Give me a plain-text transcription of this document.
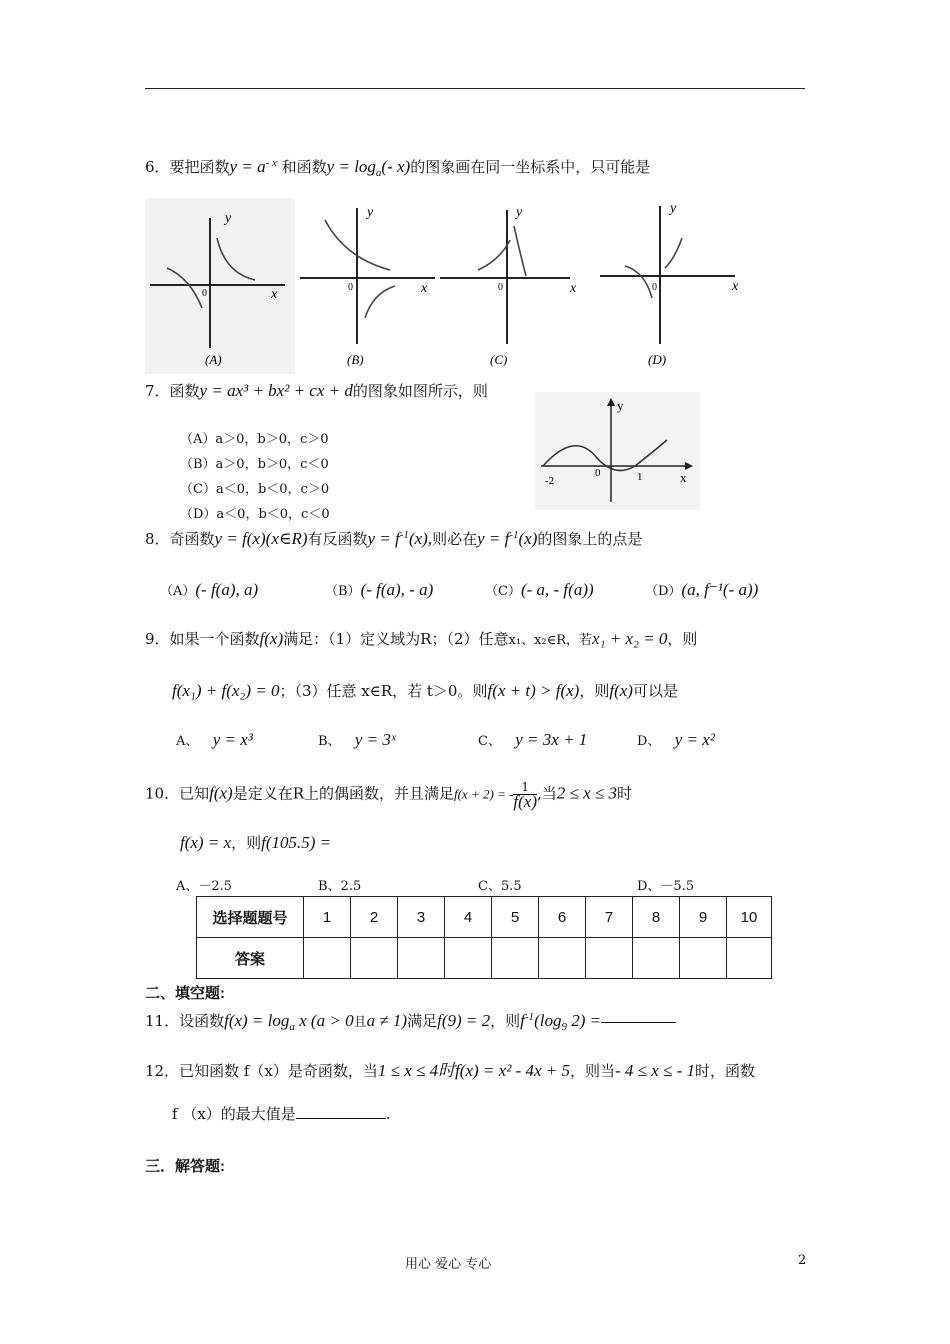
6．要把函数$y = a^{- x}$ 和函数$y = \log_a(-$ x)的图象画在同一坐标系中，只可能是
y
x
0
(A)
y
x
0
(B)
y
x
0
(C)
y
x
0
(D)
7．函数y = ax³ + bx² + cx + d的图象如图所示，则
（A）a＞0，b＞0，c＞0
（B）a＞0，b＞0，c＜0
（C）a＜0，b＜0，c＞0
（D）a＜0，b＜0，c＜0
y
x
0
-2	1
8．奇函数y = f(x)(x∈R)有反函数$y = f^{-1}(x)$,则必在$y = f^{-1}(x)$的图象上的点是
（A）(- f(a), a)	（B）(- f(a), - a)	（C）(- a, - f(a))	（D）(a, f⁻¹(- a))
9．如果一个函数f(x)满足：（1）定义域为R；（2）任意x₁、x₂∈R，若x₁ + x₂ = 0，则
f(x₁) + f(x₂) = 0；（3）任意 x∈R，若 t＞0。则f(x + t) > f(x)，则f(x)可以是
A、 y = x³	B、 y = 3ˣ	C、 y = 3x + 1	D、 y = x²
10．已知f(x)是定义在R上的偶函数，并且满足f(x + 2) = - $\frac{1}{f(x)}$ ,当2 ≤ x ≤ 3时
f(x) = x，则f(105.5) =
A、－2.5	B、2.5	C、5.5	D、－5.5
选择题题号	1	2	3	4	5	6	7	8	9	10
答案										
二、填空题:
11．设函数$f(x) = \log_a x$ (a > 0且a ≠ 1)满足f(9) = 2，则$f^{-1}(\log_9$ 2) =
12．已知函数 f（x）是奇函数，当1 ≤ x ≤ 4时f(x) = x² - 4x + 5，则当- 4 ≤ x ≤ - 1时，函数
f （x）的最大值是	.
三．解答题:
用心 爱心 专心	2
